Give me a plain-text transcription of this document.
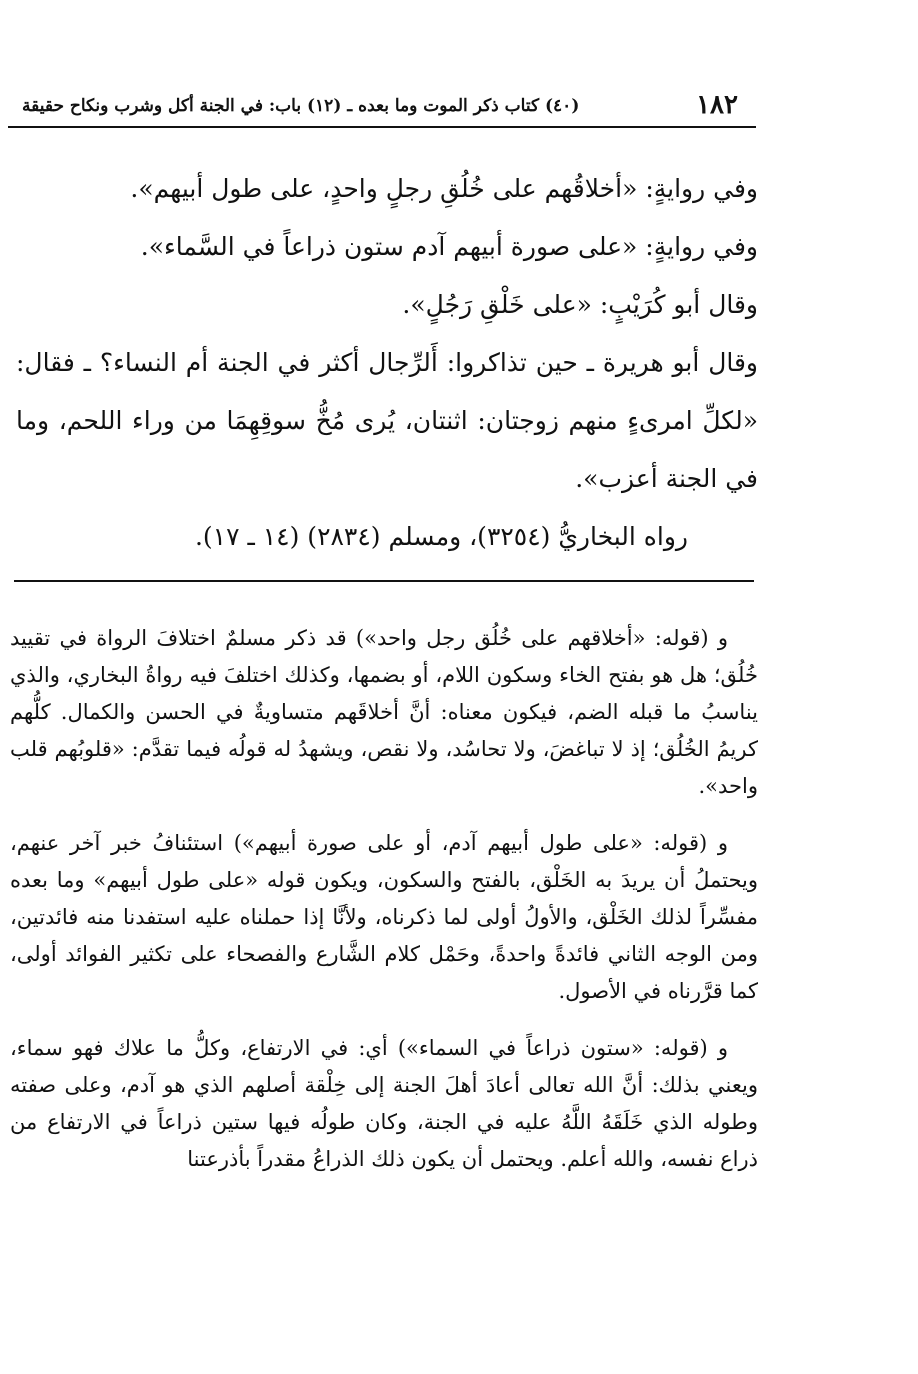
١٨٢
(٤٠) كتاب ذكر الموت وما بعده ـ (١٢) باب: في الجنة أكل وشرب ونكاح حقيقة

وفي روايةٍ: «أخلاقُهم على خُلُقِ رجلٍ واحدٍ، على طول أبيهم».

وفي روايةٍ: «على صورة أبيهم آدم ستون ذراعاً في السَّماء».

وقال أبو كُرَيْبٍ: «على خَلْقِ رَجُلٍ».

وقال أبو هريرة ـ حين تذاكروا: أَلرِّجال أكثر في الجنة أم النساء؟ ـ فقال: «لكلِّ امرىءٍ منهم زوجتان: اثنتان، يُرى مُخُّ سوقِهِمَا من وراء اللحم، وما في الجنة أعزب».

رواه البخاريُّ (٣٢٥٤)، ومسلم (٢٨٣٤) (١٤ ـ ١٧).

و (قوله: «أخلاقهم على خُلُق رجل واحد») قد ذكر مسلمٌ اختلافَ الرواة في تقييد خُلُق؛ هل هو بفتح الخاء وسكون اللام، أو بضمها، وكذلك اختلفَ فيه رواةُ البخاري، والذي يناسبُ ما قبله الضم، فيكون معناه: أنَّ أخلاقَهم متساويةٌ في الحسن والكمال. كلُّهم كريمُ الخُلُق؛ إذ لا تباغضَ، ولا تحاسُد، ولا نقص، ويشهدُ له قولُه فيما تقدَّم: «قلوبُهم قلب واحد».

و (قوله: «على طول أبيهم آدم، أو على صورة أبيهم») استئنافُ خبر آخر عنهم، ويحتملُ أن يريدَ به الخَلْق، بالفتح والسكون، ويكون قوله «على طول أبيهم» وما بعده مفسِّراً لذلك الخَلْق، والأولُ أولى لما ذكرناه، ولأنَّا إذا حملناه عليه استفدنا منه فائدتين، ومن الوجه الثاني فائدةً واحدةً، وحَمْل كلام الشَّارع والفصحاء على تكثير الفوائد أولى، كما قرَّرناه في الأصول.

و (قوله: «ستون ذراعاً في السماء») أي: في الارتفاع، وكلُّ ما علاك فهو سماء، ويعني بذلك: أنَّ الله تعالى أعادَ أهلَ الجنة إلى خِلْقة أصلهم الذي هو آدم، وعلى صفته وطوله الذي خَلَقَهُ اللَّهُ عليه في الجنة، وكان طولُه فيها ستين ذراعاً في الارتفاع من ذراع نفسه، والله أعلم. ويحتمل أن يكون ذلك الذراعُ مقدراً بأذرعتنا
